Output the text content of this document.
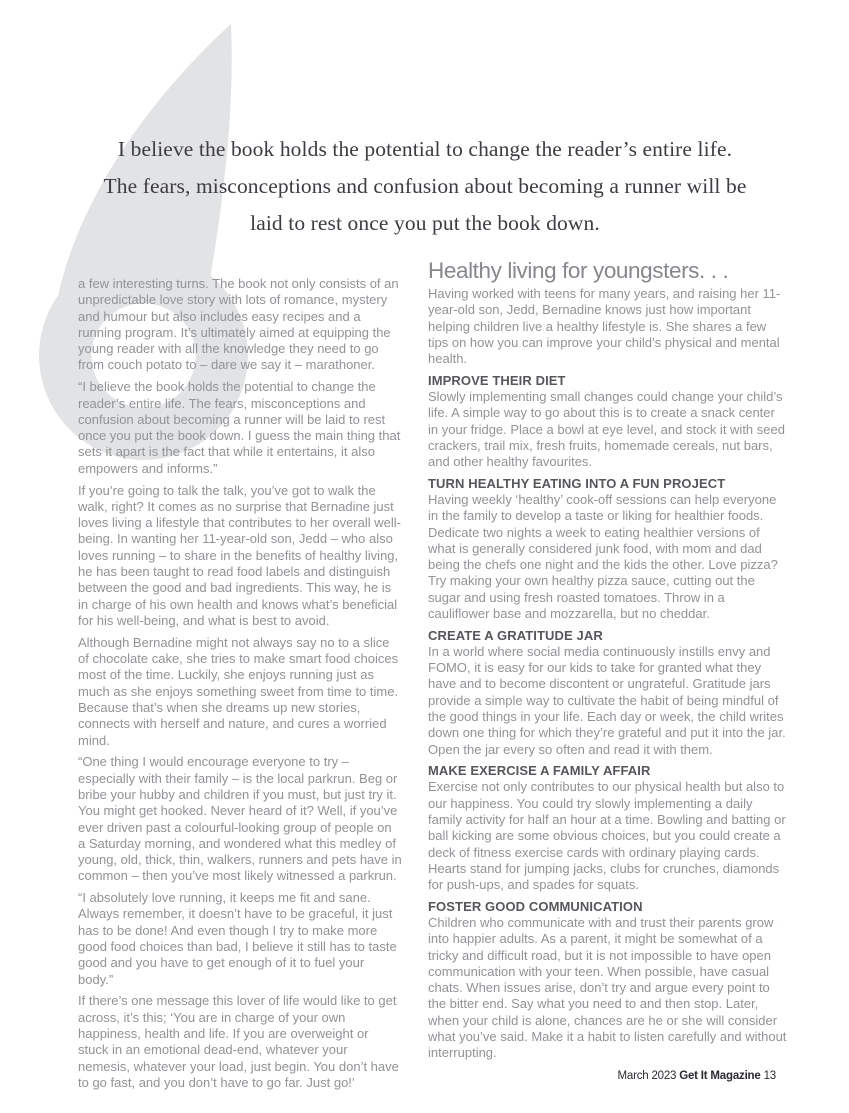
I believe the book holds the potential to change the reader’s entire life. The fears, misconceptions and confusion about becoming a runner will be laid to rest once you put the book down.

a few interesting turns. The book not only consists of an unpredictable love story with lots of romance, mystery and humour but also includes easy recipes and a running program. It’s ultimately aimed at equipping the young reader with all the knowledge they need to go from couch potato to – dare we say it – marathoner.

“I believe the book holds the potential to change the reader’s entire life. The fears, misconceptions and confusion about becoming a runner will be laid to rest once you put the book down. I guess the main thing that sets it apart is the fact that while it entertains, it also empowers and informs.”

If you’re going to talk the talk, you’ve got to walk the walk, right? It comes as no surprise that Bernadine just loves living a lifestyle that contributes to her overall well-being. In wanting her 11-year-old son, Jedd – who also loves running – to share in the benefits of healthy living, he has been taught to read food labels and distinguish between the good and bad ingredients. This way, he is in charge of his own health and knows what’s beneficial for his well-being, and what is best to avoid.

Although Bernadine might not always say no to a slice of chocolate cake, she tries to make smart food choices most of the time. Luckily, she enjoys running just as much as she enjoys something sweet from time to time. Because that’s when she dreams up new stories, connects with herself and nature, and cures a worried mind.

“One thing I would encourage everyone to try – especially with their family – is the local parkrun. Beg or bribe your hubby and children if you must, but just try it. You might get hooked. Never heard of it? Well, if you’ve ever driven past a colourful-looking group of people on a Saturday morning, and wondered what this medley of young, old, thick, thin, walkers, runners and pets have in common – then you’ve most likely witnessed a parkrun.

“I absolutely love running, it keeps me fit and sane. Always remember, it doesn’t have to be graceful, it just has to be done! And even though I try to make more good food choices than bad, I believe it still has to taste good and you have to get enough of it to fuel your body.”

If there’s one message this lover of life would like to get across, it’s this; ‘You are in charge of your own happiness, health and life. If you are overweight or stuck in an emotional dead-end, whatever your nemesis, whatever your load, just begin. You don’t have to go fast, and you don’t have to go far. Just go!’

Healthy living for youngsters. . .

Having worked with teens for many years, and raising her 11-year-old son, Jedd, Bernadine knows just how important helping children live a healthy lifestyle is. She shares a few tips on how you can improve your child’s physical and mental health.

IMPROVE THEIR DIET

Slowly implementing small changes could change your child’s life. A simple way to go about this is to create a snack center in your fridge. Place a bowl at eye level, and stock it with seed crackers, trail mix, fresh fruits, homemade cereals, nut bars, and other healthy favourites.

TURN HEALTHY EATING INTO A FUN PROJECT

Having weekly ‘healthy’ cook-off sessions can help everyone in the family to develop a taste or liking for healthier foods. Dedicate two nights a week to eating healthier versions of what is generally considered junk food, with mom and dad being the chefs one night and the kids the other. Love pizza? Try making your own healthy pizza sauce, cutting out the sugar and using fresh roasted tomatoes. Throw in a cauliflower base and mozzarella, but no cheddar.

CREATE A GRATITUDE JAR

In a world where social media continuously instills envy and FOMO, it is easy for our kids to take for granted what they have and to become discontent or ungrateful. Gratitude jars provide a simple way to cultivate the habit of being mindful of the good things in your life. Each day or week, the child writes down one thing for which they’re grateful and put it into the jar. Open the jar every so often and read it with them.

MAKE EXERCISE A FAMILY AFFAIR

Exercise not only contributes to our physical health but also to our happiness. You could try slowly implementing a daily family activity for half an hour at a time. Bowling and batting or ball kicking are some obvious choices, but you could create a deck of fitness exercise cards with ordinary playing cards. Hearts stand for jumping jacks, clubs for crunches, diamonds for push-ups, and spades for squats.

FOSTER GOOD COMMUNICATION

Children who communicate with and trust their parents grow into happier adults. As a parent, it might be somewhat of a tricky and difficult road, but it is not impossible to have open communication with your teen. When possible, have casual chats. When issues arise, don’t try and argue every point to the bitter end. Say what you need to and then stop. Later, when your child is alone, chances are he or she will consider what you’ve said. Make it a habit to listen carefully and without interrupting.

March 2023 Get It Magazine 13
